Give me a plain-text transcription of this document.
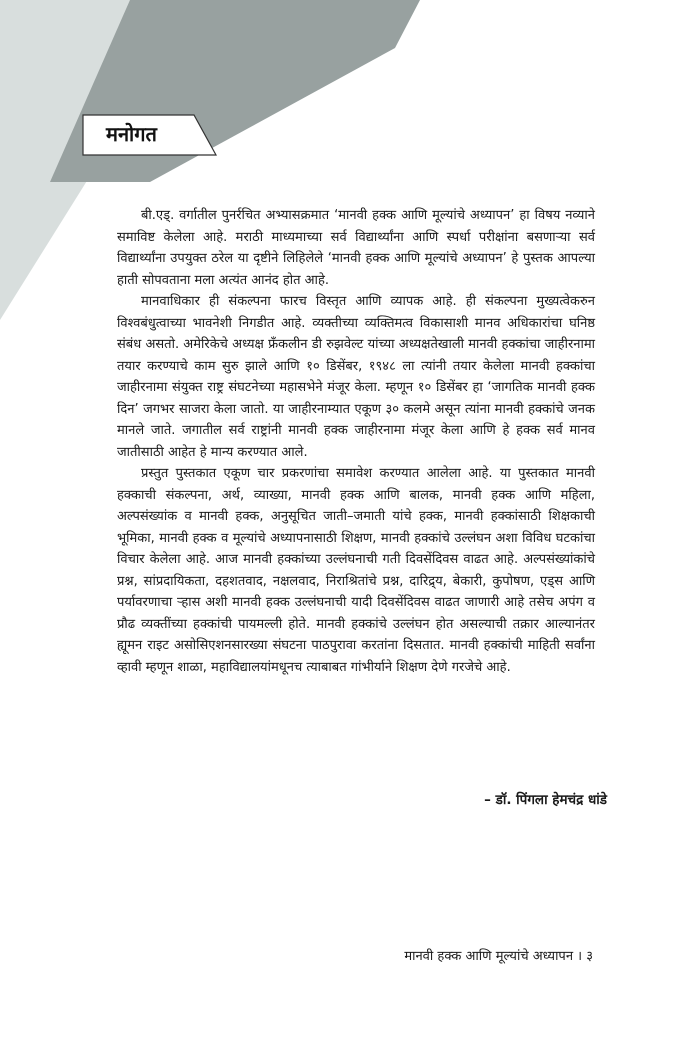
मनोगत

बी.एड्. वर्गातील पुनर्रचित अभ्यासक्रमात ‘मानवी हक्क आणि मूल्यांचे अध्यापन’ हा विषय नव्याने समाविष्ट केलेला आहे. मराठी माध्यमाच्या सर्व विद्यार्थ्यांना आणि स्पर्धा परीक्षांना बसणाऱ्या सर्व विद्यार्थ्यांना उपयुक्त ठरेल या दृष्टीने लिहिलेले ‘मानवी हक्क आणि मूल्यांचे अध्यापन’ हे पुस्तक आपल्या हाती सोपवताना मला अत्यंत आनंद होत आहे.

मानवाधिकार ही संकल्पना फारच विस्तृत आणि व्यापक आहे. ही संकल्पना मुख्यत्वेकरुन विश्वबंधुत्वाच्या भावनेशी निगडीत आहे. व्यक्तीच्या व्यक्तिमत्व विकासाशी मानव अधिकारांचा घनिष्ठ संबंध असतो. अमेरिकेचे अध्यक्ष फ्रँकलीन डी रुझवेल्ट यांच्या अध्यक्षतेखाली मानवी हक्कांचा जाहीरनामा तयार करण्याचे काम सुरु झाले आणि १० डिसेंबर, १९४८ ला त्यांनी तयार केलेला मानवी हक्कांचा जाहीरनामा संयुक्त राष्ट्र संघटनेच्या महासभेने मंजूर केला. म्हणून १० डिसेंबर हा ‘जागतिक मानवी हक्क दिन’ जगभर साजरा केला जातो. या जाहीरनाम्यात एकूण ३० कलमे असून त्यांना मानवी हक्कांचे जनक मानले जाते. जगातील सर्व राष्ट्रांनी मानवी हक्क जाहीरनामा मंजूर केला आणि हे हक्क सर्व मानव जातीसाठी आहेत हे मान्य करण्यात आले.

प्रस्तुत पुस्तकात एकूण चार प्रकरणांचा समावेश करण्यात आलेला आहे. या पुस्तकात मानवी हक्काची संकल्पना, अर्थ, व्याख्या, मानवी हक्क आणि बालक, मानवी हक्क आणि महिला, अल्पसंख्यांक व मानवी हक्क, अनुसूचित जाती–जमाती यांचे हक्क, मानवी हक्कांसाठी शिक्षकाची भूमिका, मानवी हक्क व मूल्यांचे अध्यापनासाठी शिक्षण, मानवी हक्कांचे उल्लंघन अशा विविध घटकांचा विचार केलेला आहे. आज मानवी हक्कांच्या उल्लंघनाची गती दिवसेंदिवस वाढत आहे. अल्पसंख्यांकांचे प्रश्न, सांप्रदायिकता, दहशतवाद, नक्षलवाद, निराश्रितांचे प्रश्न, दारिद्र्य, बेकारी, कुपोषण, एड्स आणि पर्यावरणाचा ऱ्हास अशी मानवी हक्क उल्लंघनाची यादी दिवसेंदिवस वाढत जाणारी आहे तसेच अपंग व प्रौढ व्यक्तींच्या हक्कांची पायमल्ली होते. मानवी हक्कांचे उल्लंघन होत असल्याची तक्रार आल्यानंतर ह्यूमन राइट असोसिएशनसारख्या संघटना पाठपुरावा करतांना दिसतात. मानवी हक्कांची माहिती सर्वांना व्हावी म्हणून शाळा, महाविद्यालयांमधूनच त्याबाबत गांभीर्याने शिक्षण देणे गरजेचे आहे.

– डॉ. पिंगला हेमचंद्र धांडे
मानवी हक्क आणि मूल्यांचे अध्यापन । ३
